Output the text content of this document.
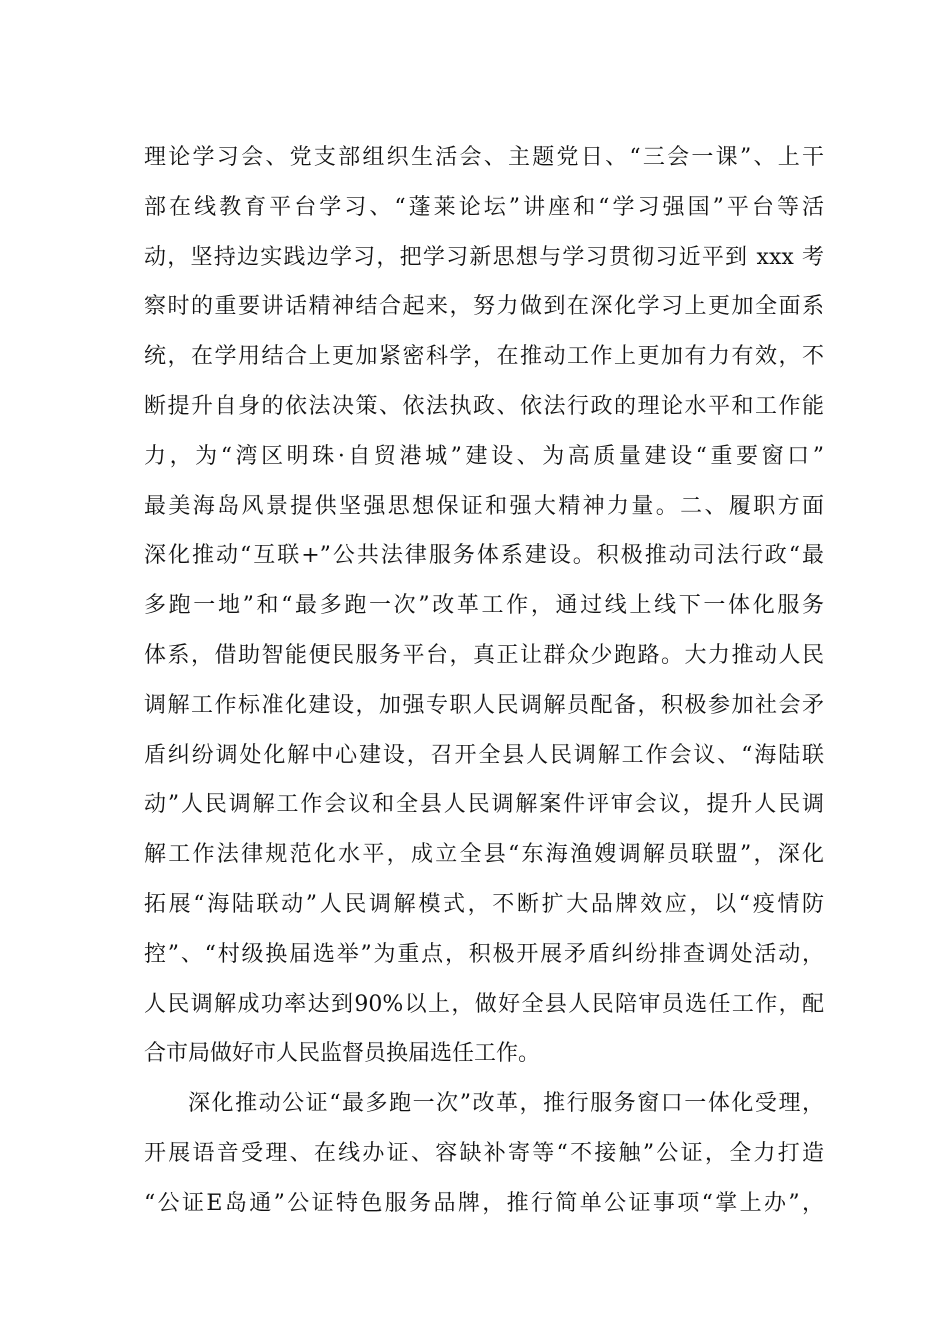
理论学习会、党支部组织生活会、主题党日、“三会一课”、上干
部在线教育平台学习、“蓬莱论坛”讲座和“学习强国”平台等活
动，坚持边实践边学习，把学习新思想与学习贯彻习近平到 xxx 考
察时的重要讲话精神结合起来，努力做到在深化学习上更加全面系
统，在学用结合上更加紧密科学，在推动工作上更加有力有效，不
断提升自身的依法决策、依法执政、依法行政的理论水平和工作能
力，为“湾区明珠·自贸港城”建设、为高质量建设“重要窗口”
最美海岛风景提供坚强思想保证和强大精神力量。二、履职方面
深化推动“互联+”公共法律服务体系建设。积极推动司法行政“最
多跑一地”和“最多跑一次”改革工作，通过线上线下一体化服务
体系，借助智能便民服务平台，真正让群众少跑路。大力推动人民
调解工作标准化建设，加强专职人民调解员配备，积极参加社会矛
盾纠纷调处化解中心建设，召开全县人民调解工作会议、“海陆联
动”人民调解工作会议和全县人民调解案件评审会议，提升人民调
解工作法律规范化水平，成立全县“东海渔嫂调解员联盟”，深化
拓展“海陆联动”人民调解模式，不断扩大品牌效应，以“疫情防
控”、“村级换届选举”为重点，积极开展矛盾纠纷排查调处活动，
人民调解成功率达到90%以上，做好全县人民陪审员选任工作，配
合市局做好市人民监督员换届选任工作。
深化推动公证“最多跑一次”改革，推行服务窗口一体化受理，
开展语音受理、在线办证、容缺补寄等“不接触”公证，全力打造
“公证E岛通”公证特色服务品牌，推行简单公证事项“掌上办”，
